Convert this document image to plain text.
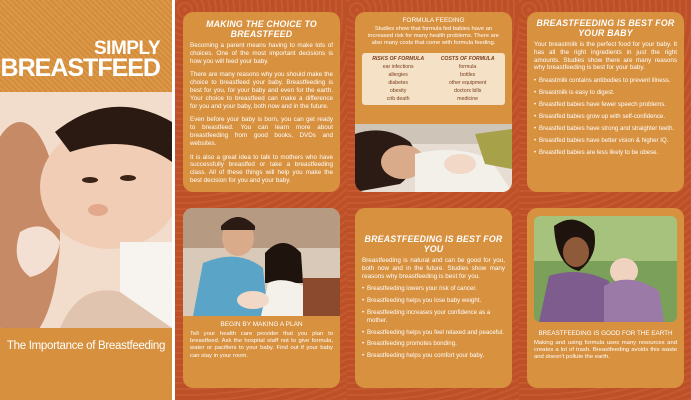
SIMPLY
BREASTFEED
The Importance of Breastfeeding
MAKING THE CHOICE TO BREASTFEED
Becoming a parent means having to make lots of choices. One of the most important decisions is how you will feed your baby.
There are many reasons why you should make the choice to breastfeed your baby. Breastfeeding is best for you, for your baby and even for the earth. Your choice to breastfeed can make a difference for you and your baby, both now and in the future.
Even before your baby is born, you can get ready to breastfeed. You can learn more about breastfeeding from good books, DVDs and websites.
It is also a great idea to talk to mothers who have successfully breastfed or take a breastfeeding class. All of these things will help you make the best decision for you and your baby.
FORMULA FEEDING
Studies show that formula fed babies have an increased risk for many health problems. There are also many costs that come with formula feeding.
RISKS OF FORMULA	COSTS OF FORMULA
ear infections	formula
allergies	bottles
diabetes	other equipment
obesity	doctors bills
crib death	medicine
BREASTFEEDING IS BEST FOR YOUR BABY
Your breastmilk is the perfect food for your baby. It has all the right ingredients in just the right amounts. Studies show there are many reasons why breastfeeding is best for your baby.
• Breastmilk contains antibodies to prevent illness.
• Breastmilk is easy to digest.
• Breastfed babies have fewer speech problems.
• Breastfed babies grow up with self-confidence.
• Breastfed babies have strong and straighter teeth.
• Breastfed babies have better vision & higher IQ.
• Breastfed babies are less likely to be obese.
BEGIN BY MAKING A PLAN
Tell your health care provider that you plan to breastfeed. Ask the hospital staff not to give formula, water or pacifiers to your baby. Find out if your baby can stay in your room.
BREASTFEEDING IS BEST FOR YOU
Breastfeeding is natural and can be good for you, both now and in the future. Studies show many reasons why breastfeeding is best for you.
• Breastfeeding lowers your risk of cancer.
• Breastfeeding helps you lose baby weight.
• Breastfeeding increases your confidence as a mother.
• Breastfeeding helps you feel relaxed and peaceful.
• Breastfeeding promotes bonding.
• Breastfeeding helps you comfort your baby.
BREASTFEEDING IS GOOD FOR THE EARTH
Making and using formula uses many resources and creates a lot of trash. Breastfeeding avoids this waste and doesn't pollute the earth.
